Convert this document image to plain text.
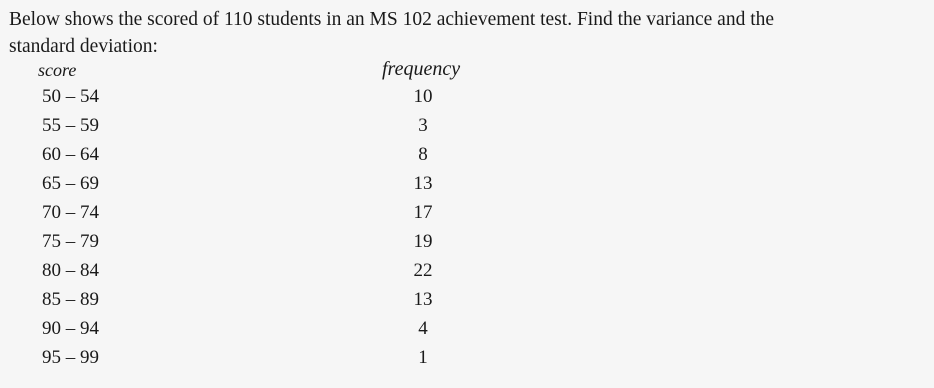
Below shows the scored of 110 students in an MS 102 achievement test. Find the variance and the
standard deviation:

score	frequency
50 – 54	10
55 – 59	3
60 – 64	8
65 – 69	13
70 – 74	17
75 – 79	19
80 – 84	22
85 – 89	13
90 – 94	4
95 – 99	1
